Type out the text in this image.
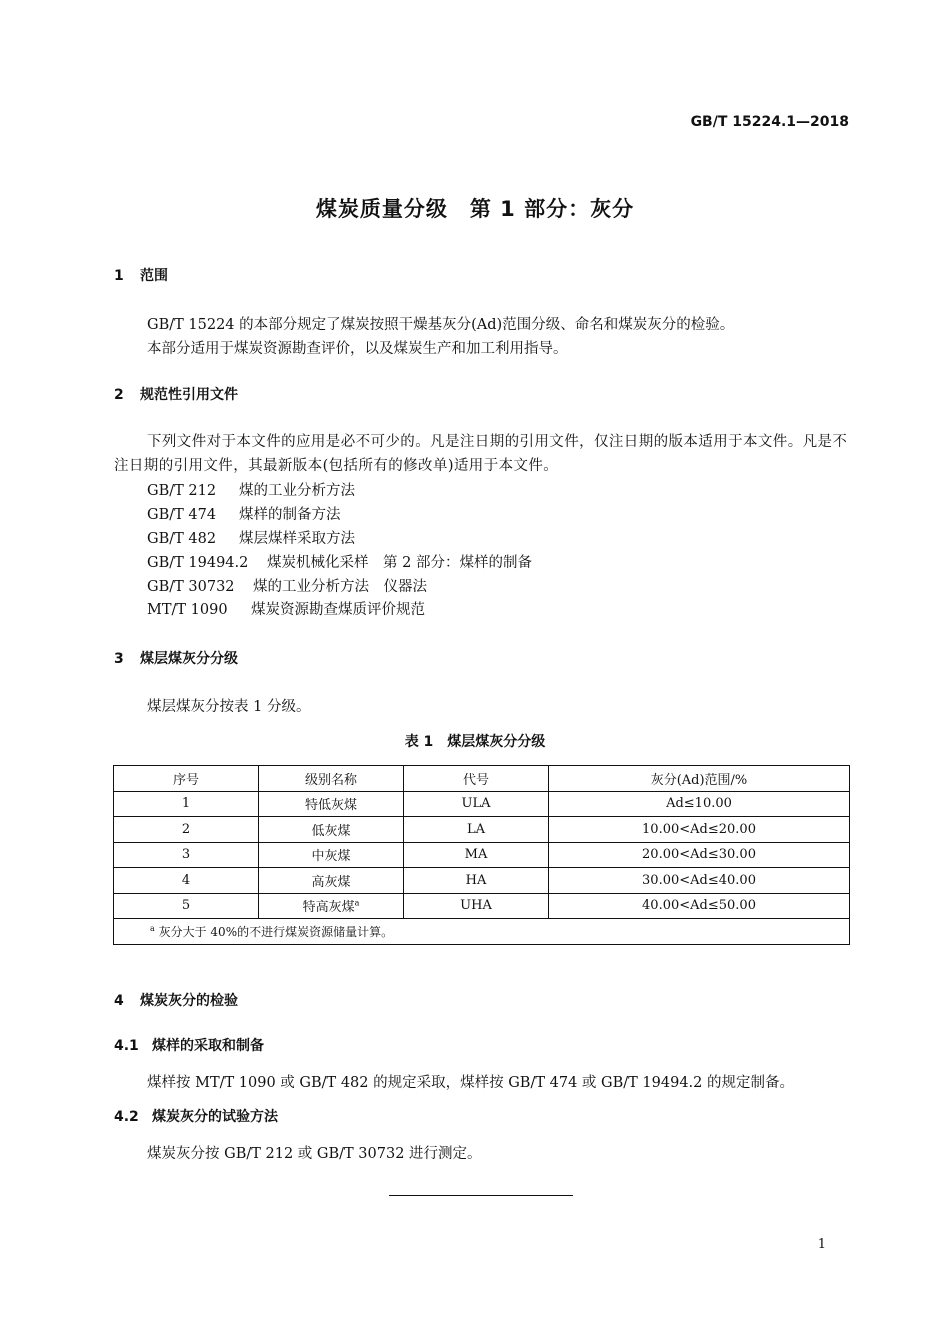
GB/T 15224.1—2018
煤炭质量分级　第 1 部分：灰分
1 范围
GB/T 15224 的本部分规定了煤炭按照干燥基灰分(Ad)范围分级、命名和煤炭灰分的检验。
本部分适用于煤炭资源勘查评价，以及煤炭生产和加工利用指导。
2 规范性引用文件
下列文件对于本文件的应用是必不可少的。凡是注日期的引用文件，仅注日期的版本适用于本文件。凡是不注日期的引用文件，其最新版本(包括所有的修改单)适用于本文件。
GB/T 212 煤的工业分析方法
GB/T 474 煤样的制备方法
GB/T 482 煤层煤样采取方法
GB/T 19494.2 煤炭机械化采样　第 2 部分：煤样的制备
GB/T 30732 煤的工业分析方法　仪器法
MT/T 1090 煤炭资源勘查煤质评价规范
3 煤层煤灰分分级
煤层煤灰分按表 1 分级。
表 1　煤层煤灰分分级
序号	级别名称	代号	灰分(Ad)范围/%
1	特低灰煤	ULA	Ad≤10.00
2	低灰煤	LA	10.00<Ad≤20.00
3	中灰煤	MA	20.00<Ad≤30.00
4	高灰煤	HA	30.00<Ad≤40.00
5	特高灰煤$^a$	UHA	40.00<Ad≤50.00
$^a$ 灰分大于 40%的不进行煤炭资源储量计算。			
4 煤炭灰分的检验
4.1 煤样的采取和制备
煤样按 MT/T 1090 或 GB/T 482 的规定采取，煤样按 GB/T 474 或 GB/T 19494.2 的规定制备。
4.2 煤炭灰分的试验方法
煤炭灰分按 GB/T 212 或 GB/T 30732 进行测定。
1
